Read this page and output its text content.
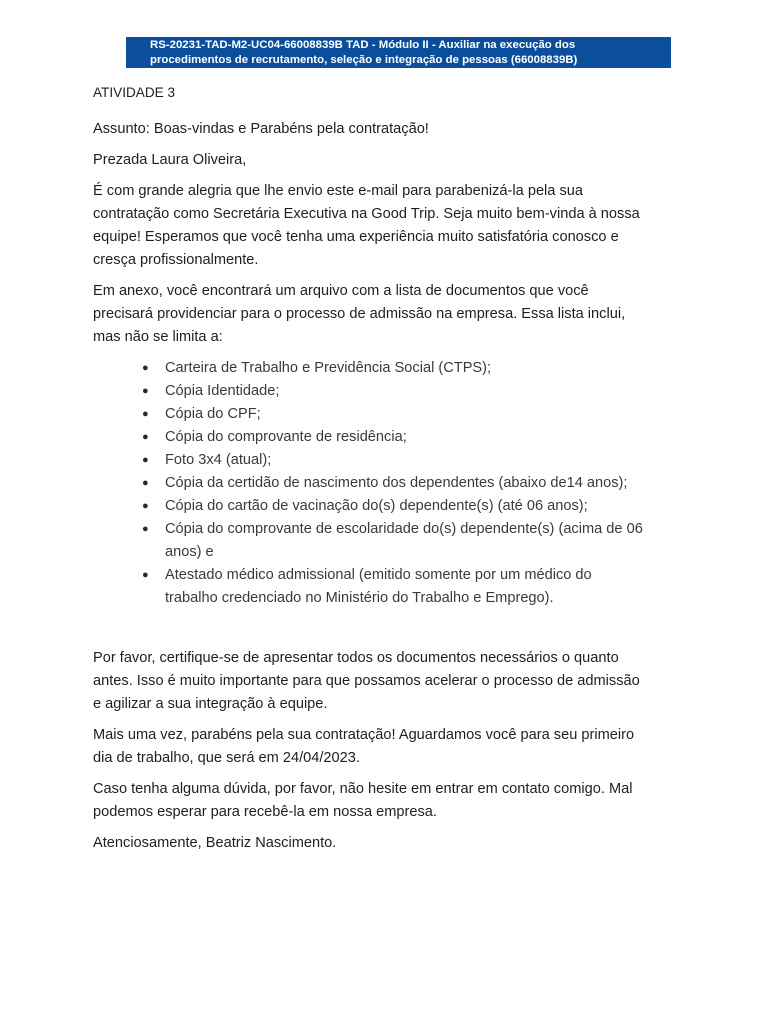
RS-20231-TAD-M2-UC04-66008839B TAD - Módulo II - Auxiliar na execução dos
procedimentos de recrutamento, seleção e integração de pessoas (66008839B)
ATIVIDADE 3

Assunto: Boas-vindas e Parabéns pela contratação!

Prezada Laura Oliveira,

É com grande alegria que lhe envio este e-mail para parabenizá-la pela sua
contratação como Secretária Executiva na Good Trip. Seja muito bem-vinda à nossa
equipe! Esperamos que você tenha uma experiência muito satisfatória conosco e
cresça profissionalmente.

Em anexo, você encontrará um arquivo com a lista de documentos que você
precisará providenciar para o processo de admissão na empresa. Essa lista inclui,
mas não se limita a:

● Carteira de Trabalho e Previdência Social (CTPS);
● Cópia Identidade;
● Cópia do CPF;
● Cópia do comprovante de residência;
● Foto 3x4 (atual);
● Cópia da certidão de nascimento dos dependentes (abaixo de14 anos);
● Cópia do cartão de vacinação do(s) dependente(s) (até 06 anos);
● Cópia do comprovante de escolaridade do(s) dependente(s) (acima de 06
anos) e
● Atestado médico admissional (emitido somente por um médico do
trabalho credenciado no Ministério do Trabalho e Emprego).

Por favor, certifique-se de apresentar todos os documentos necessários o quanto
antes. Isso é muito importante para que possamos acelerar o processo de admissão
e agilizar a sua integração à equipe.

Mais uma vez, parabéns pela sua contratação! Aguardamos você para seu primeiro
dia de trabalho, que será em 24/04/2023.

Caso tenha alguma dúvida, por favor, não hesite em entrar em contato comigo. Mal
podemos esperar para recebê-la em nossa empresa.

Atenciosamente, Beatriz Nascimento.
